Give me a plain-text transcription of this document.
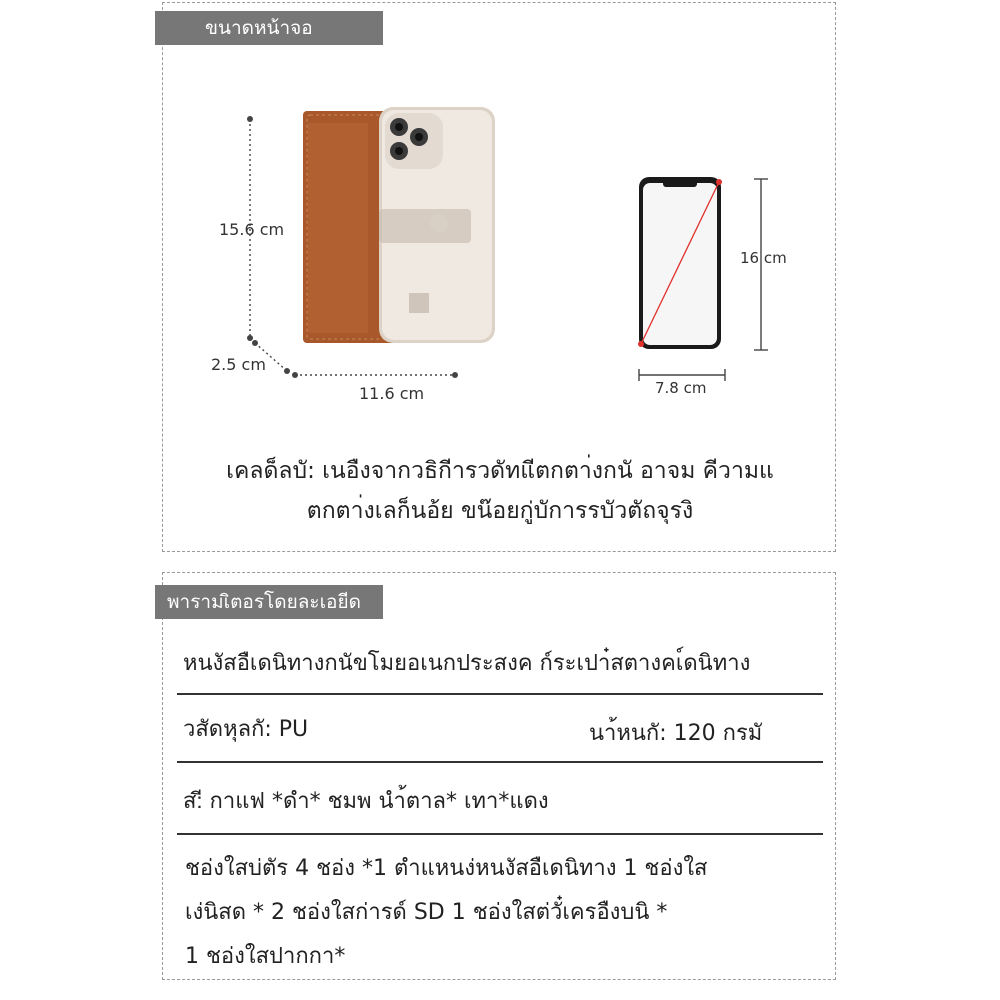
ขนาดหน้าจอ
15.6 cm
2.5 cm
11.6 cm
16 cm
7.8 cm
เคลด็ลบั: เนอืงจากวธิกีารวดัทแีตกตา่งกนั อาจม คีวามแ
ตกตา่งเลก็นอ้ย ขน๊อยกู่บัการรบัวตัถจุรงิ
พารามเิตอรโดยละเอยีด
หนงัสอืเดนิทางกนัขโมยอเนกประสงค ก์ระเปา๋สตางคเ์ดนิทาง
วสัดหุลกั: PU	นา้หนกั: 120 กรมั
ส:ี กาแฟ *ดำ* ชมพ นำ้ตาล* เทา*แดง
ชอ่งใสบ่ตัร 4 ชอ่ง *1 ตำแหนง่หนงัสอืเดนิทาง 1 ชอ่งใส
เง่นิสด * 2 ชอ่งใสก่ารด์ SD 1 ชอ่งใสต่วั๋เครอืงบนิ *
1 ชอ่งใสปากกา*
